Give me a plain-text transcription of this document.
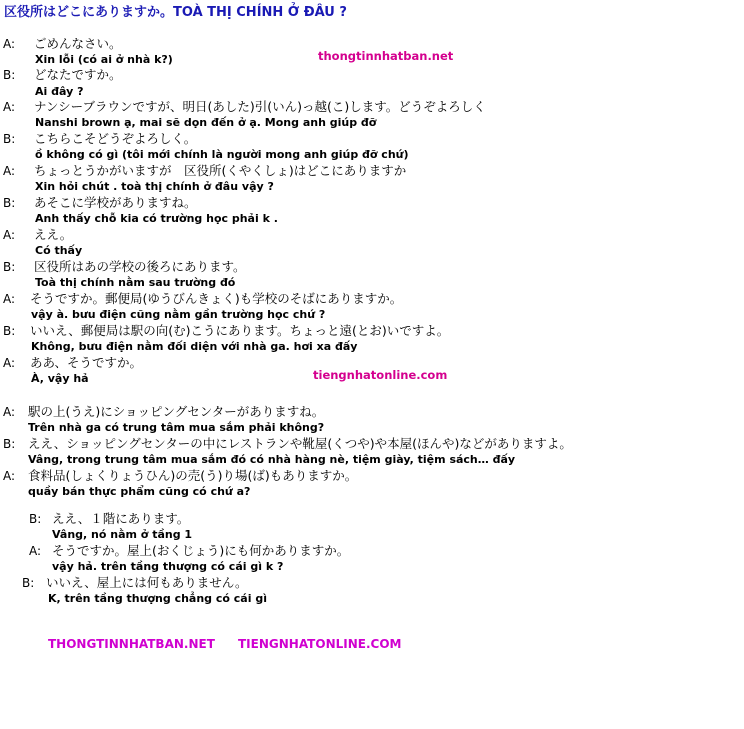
区役所はどこにありますか。TOÀ THỊ CHÍNH Ở ĐÂU ?
thongtinnhatban.net
tiengnhatonline.com
A: ごめんなさい。
Xin lỗi (có ai ở nhà k?)
B: どなたですか。
Ai đây ?
A: ナンシーブラウンですが、明日(あした)引(いん)っ越(こ)します。どうぞよろしく
Nanshi brown ạ, mai sẽ dọn đến ở ạ. Mong anh giúp đỡ
B: こちらこそどうぞよろしく。
ồ không có gì (tôi mới chính là người mong anh giúp đỡ chứ)
A: ちょっとうかがいますが　区役所(くやくしょ)はどこにありますか
Xin hỏi chút . toà thị chính ở đâu vậy ?
B: あそこに学校がありますね。
Anh thấy chỗ kia có trường học phải k .
A: ええ。
Có thấy
B: 区役所はあの学校の後ろにあります。
Toà thị chính nằm sau trường đó
A: そうですか。郵便局(ゆうびんきょく)も学校のそばにありますか。
vậy à. bưu điện cũng nằm gần trường học chứ ?
B: いいえ、郵便局は駅の向(む)こうにあります。ちょっと遠(とお)いですよ。
Không, bưu điện nằm đối diện với nhà ga. hơi xa đấy
A: ああ、そうですか。
À, vậy hả
A: 駅の上(うえ)にショッピングセンターがありますね。
Trên nhà ga có trung tâm mua sắm phải không?
B: ええ、ショッピングセンターの中にレストランや靴屋(くつや)や本屋(ほんや)などがありますよ。
Vâng, trong trung tâm mua sắm đó có nhà hàng nè, tiệm giày, tiệm sách… đấy
A: 食料品(しょくりょうひん)の売(う)り場(ば)もありますか。
quầy bán thực phẩm cũng có chứ a?
B: ええ、１階にあります。
Vâng, nó nằm ở tầng 1
A: そうですか。屋上(おくじょう)にも何かありますか。
vậy hả. trên tầng thượng có cái gì k ?
B: いいえ、屋上には何もありません。
K, trên tầng thượng chẳng có cái gì
THONGTINNHATBAN.NET TIENGNHATONLINE.COM
